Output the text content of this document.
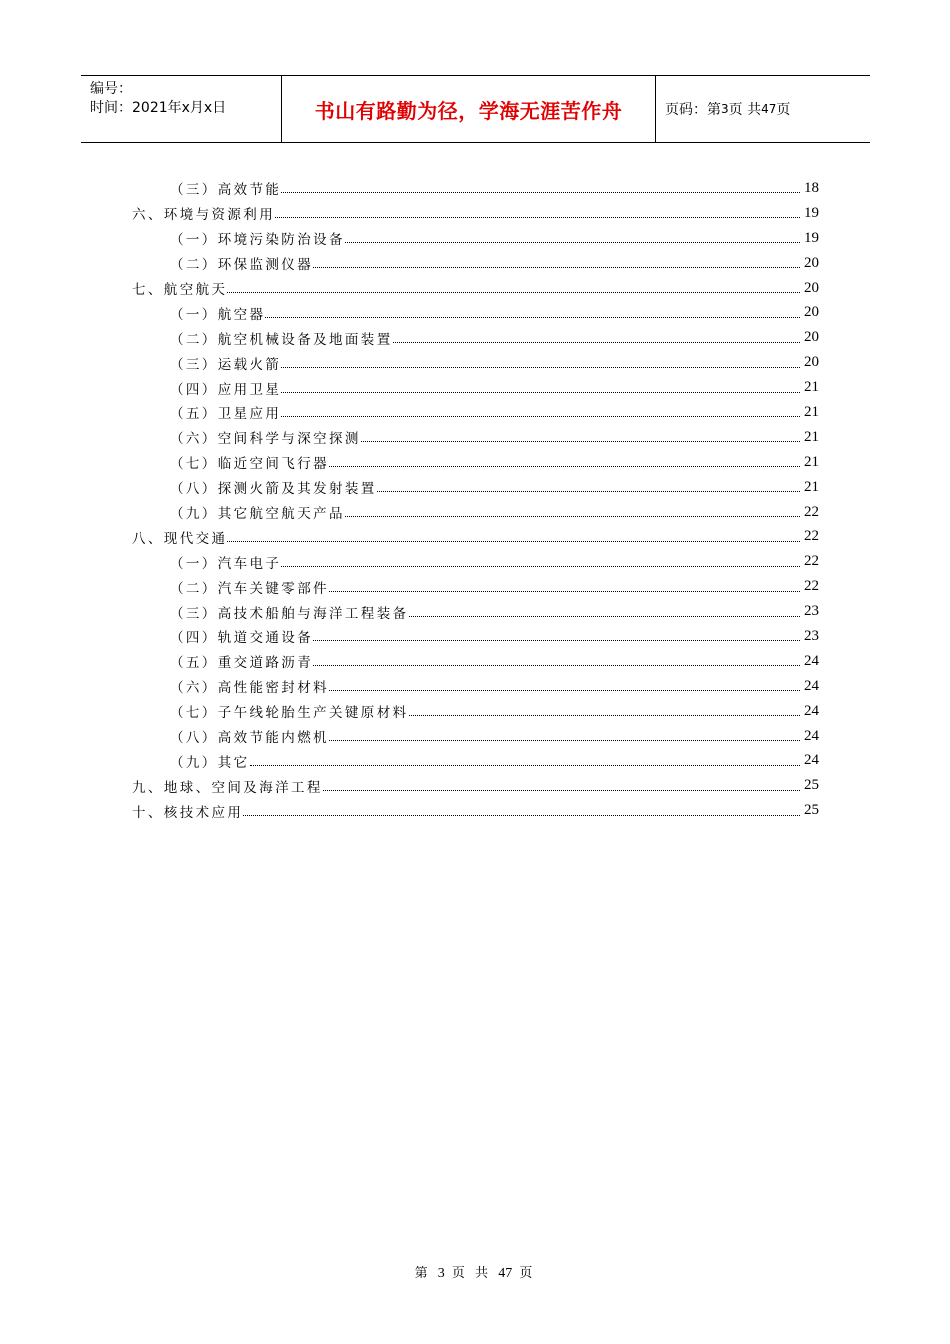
编号：
时间：2021年x月x日	书山有路勤为径，学海无涯苦作舟	页码：第 3 页 共 47 页
（三）高效节能	18
六、环境与资源利用	19
（一）环境污染防治设备	19
（二）环保监测仪器	20
七、航空航天	20
（一）航空器	20
（二）航空机械设备及地面装置	20
（三）运载火箭	20
（四）应用卫星	21
（五）卫星应用	21
（六）空间科学与深空探测	21
（七）临近空间飞行器	21
（八）探测火箭及其发射装置	21
（九）其它航空航天产品	22
八、现代交通	22
（一）汽车电子	22
（二）汽车关键零部件	22
（三）高技术船舶与海洋工程装备	23
（四）轨道交通设备	23
（五）重交道路沥青	24
（六）高性能密封材料	24
（七）子午线轮胎生产关键原材料	24
（八）高效节能内燃机	24
（九）其它	24
九、地球、空间及海洋工程	25
十、核技术应用	25
第 3 页 共 47 页
